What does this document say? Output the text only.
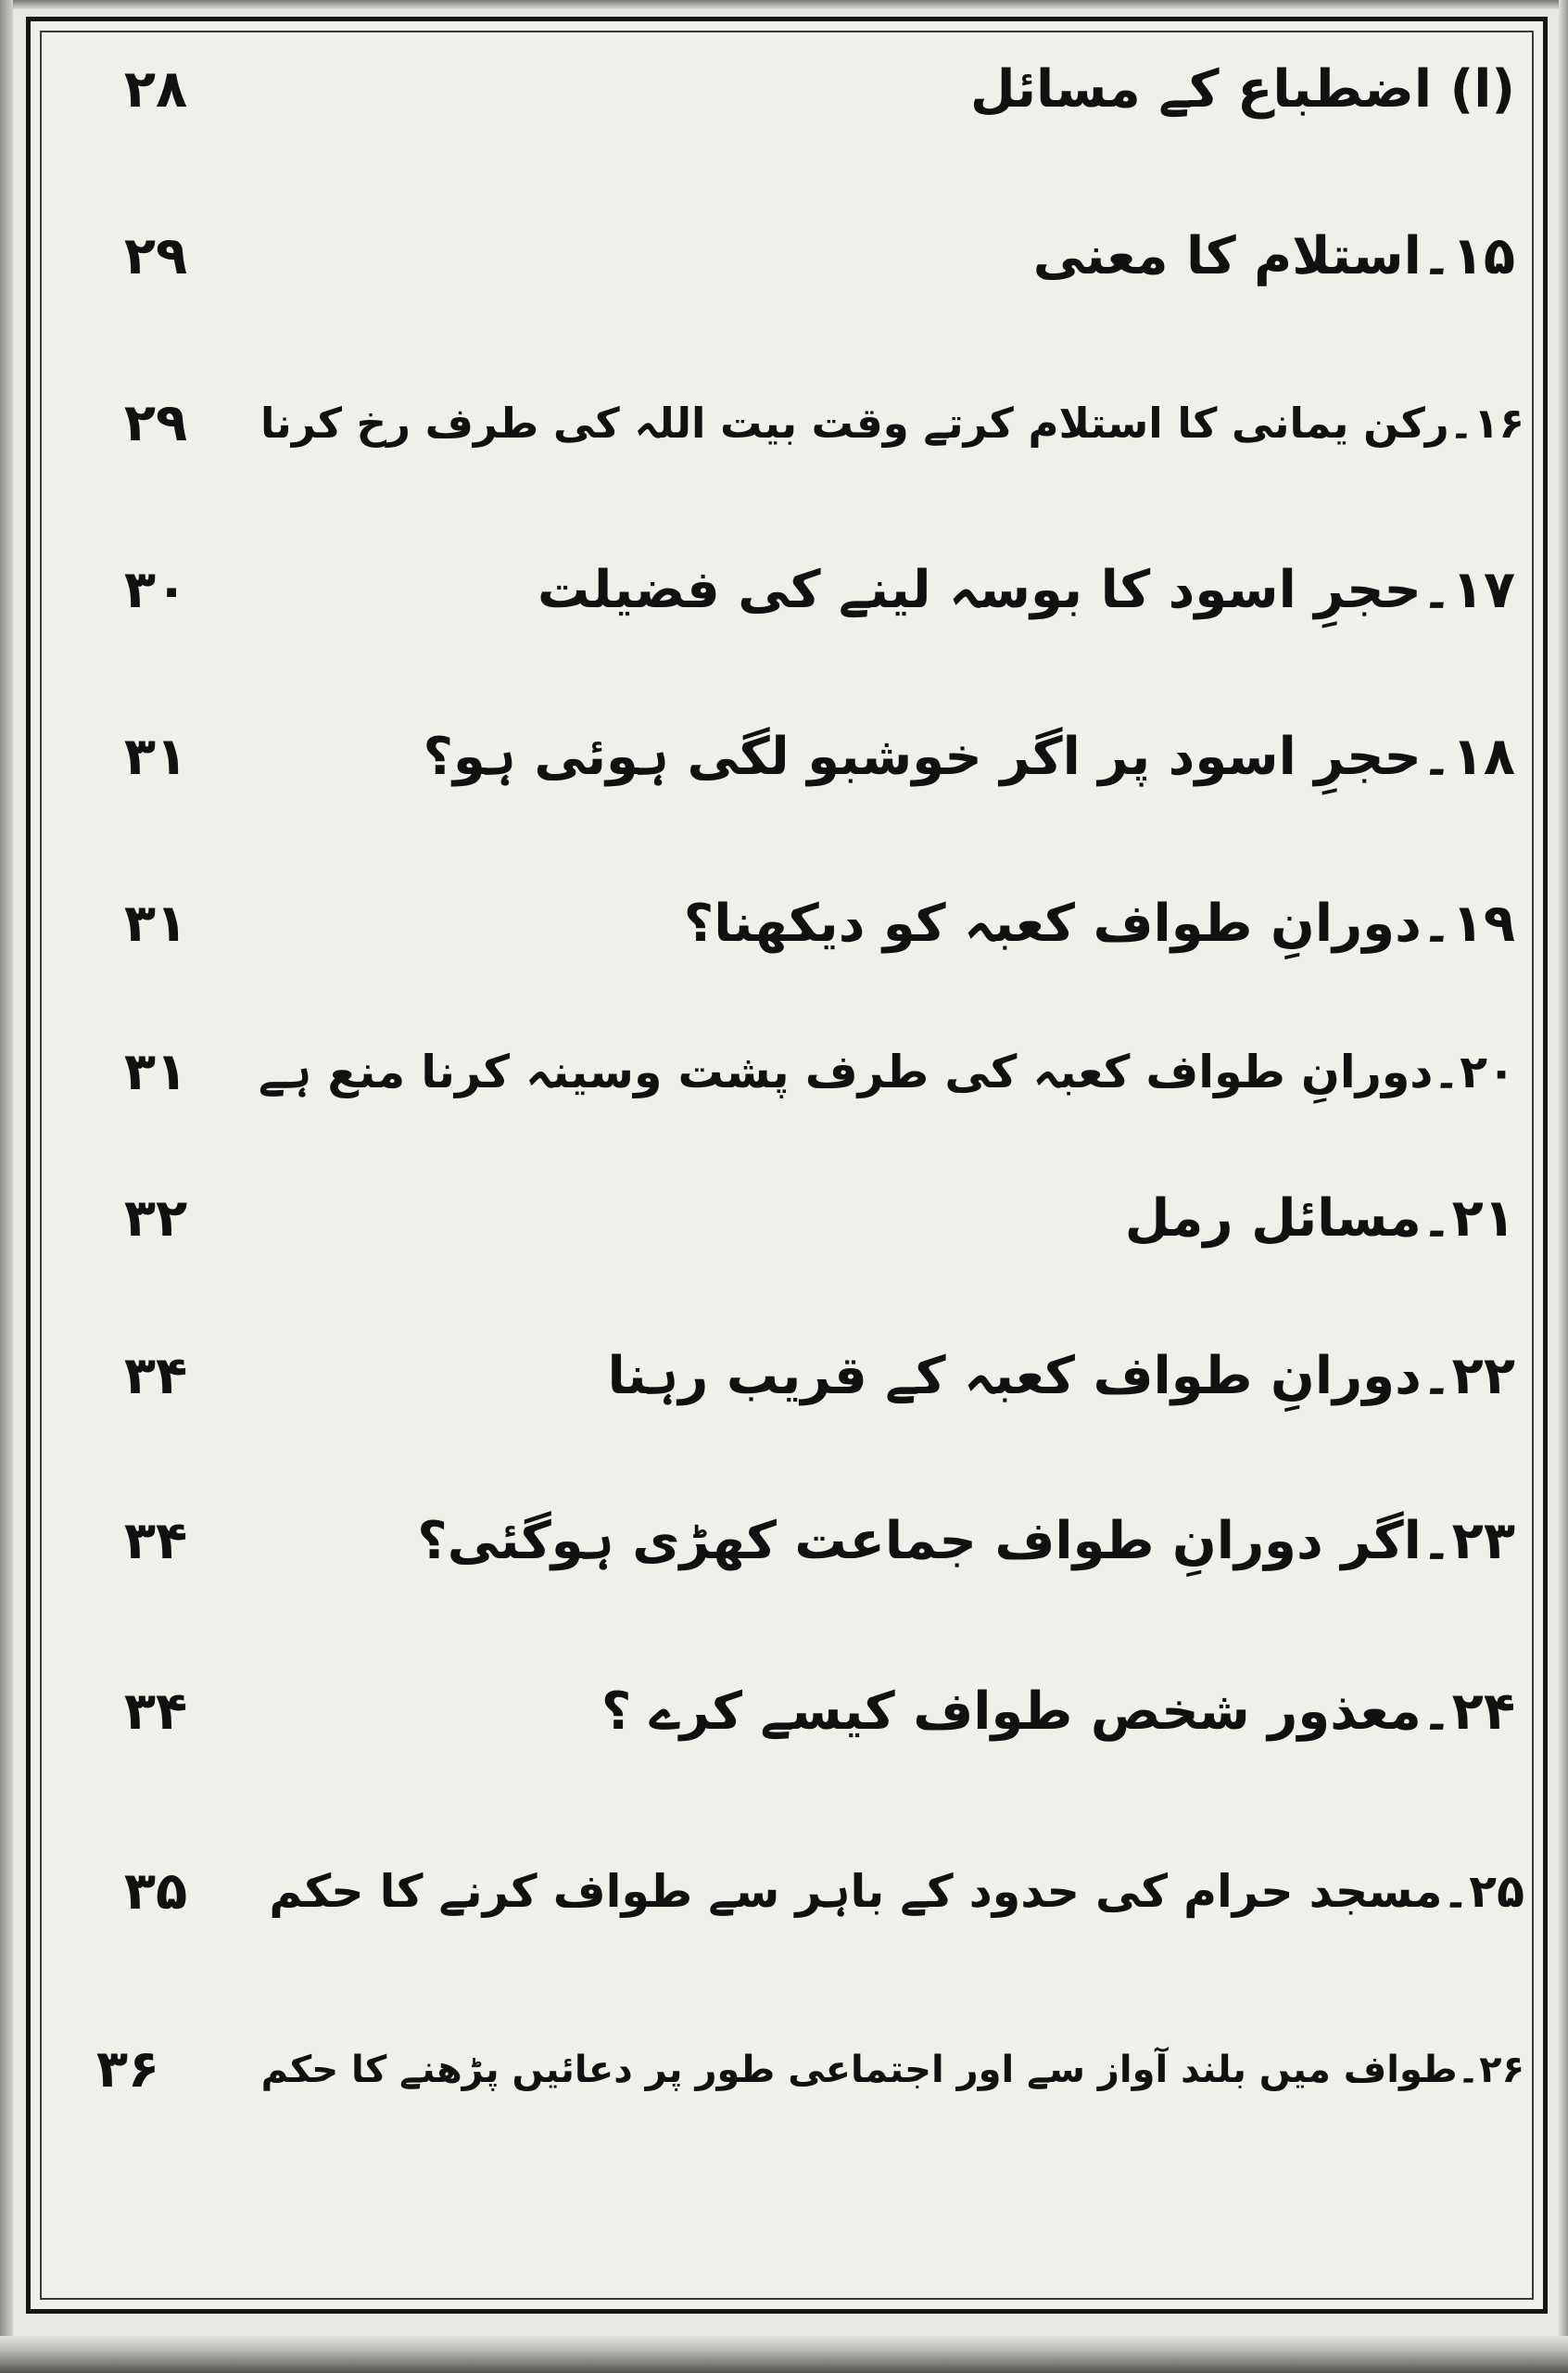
(ا) اضطباع کے مسائل
۲۸
۱۵۔استلام کا معنی
۲۹
۱۶۔رکن یمانی کا استلام کرتے وقت بیت اللہ کی طرف رخ کرنا
۲۹
۱۷۔حجرِ اسود کا بوسہ لینے کی فضیلت
۳۰
۱۸۔حجرِ اسود پر اگر خوشبو لگی ہوئی ہو؟
۳۱
۱۹۔دورانِ طواف کعبہ کو دیکھنا؟
۳۱
۲۰۔دورانِ طواف کعبہ کی طرف پشت وسینہ کرنا منع ہے
۳۱
۲۱۔مسائل رمل
۳۲
۲۲۔دورانِ طواف کعبہ کے قریب رہنا
۳۴
۲۳۔اگر دورانِ طواف جماعت کھڑی ہوگئی؟
۳۴
۲۴۔معذور شخص طواف کیسے کرے ؟
۳۴
۲۵۔مسجد حرام کی حدود کے باہر سے طواف کرنے کا حکم
۳۵
۲۶۔طواف میں بلند آواز سے اور اجتماعی طور پر دعائیں پڑھنے کا حکم
۳۶
